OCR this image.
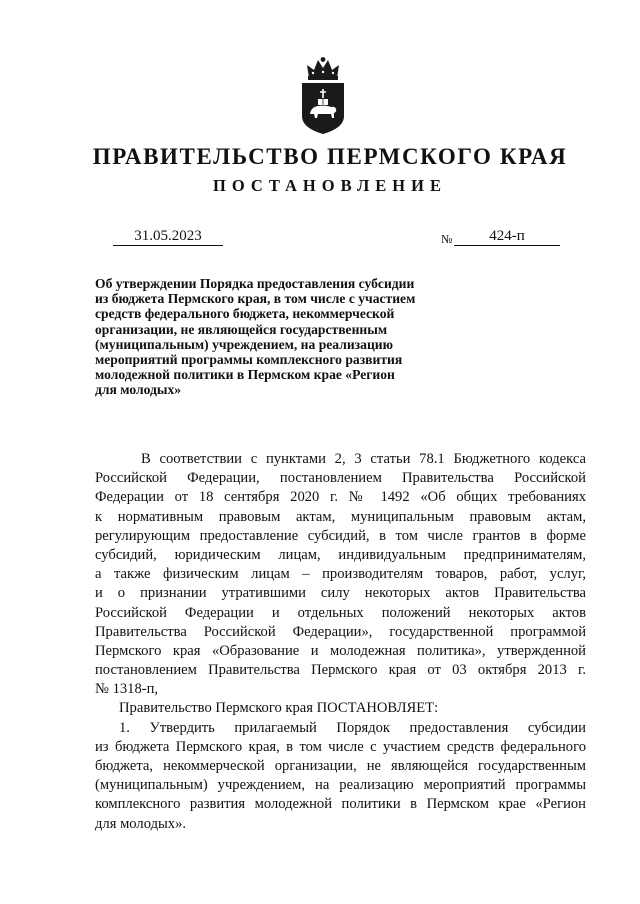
ПРАВИТЕЛЬСТВО ПЕРМСКОГО КРАЯ
ПОСТАНОВЛЕНИЕ
31.05.2023	№	424-п
Об утверждении Порядка предоставления субсидии
из бюджета Пермского края, в том числе с участием
средств федерального бюджета, некоммерческой
организации, не являющейся государственным
(муниципальным) учреждением, на реализацию
мероприятий программы комплексного развития
молодежной политики в Пермском крае «Регион
для молодых»
В соответствии с пунктами 2, 3 статьи 78.1 Бюджетного кодекса
Российской Федерации, постановлением Правительства Российской
Федерации от 18 сентября 2020 г. № 1492 «Об общих требованиях
к нормативным правовым актам, муниципальным правовым актам,
регулирующим предоставление субсидий, в том числе грантов в форме
субсидий, юридическим лицам, индивидуальным предпринимателям,
а также физическим лицам – производителям товаров, работ, услуг,
и о признании утратившими силу некоторых актов Правительства
Российской Федерации и отдельных положений некоторых актов
Правительства Российской Федерации», государственной программой
Пермского края «Образование и молодежная политика», утвержденной
постановлением Правительства Пермского края от 03 октября 2013 г.
№ 1318-п,
Правительство Пермского края ПОСТАНОВЛЯЕТ:
1. Утвердить прилагаемый Порядок предоставления субсидии
из бюджета Пермского края, в том числе с участием средств федерального
бюджета, некоммерческой организации, не являющейся государственным
(муниципальным) учреждением, на реализацию мероприятий программы
комплексного развития молодежной политики в Пермском крае «Регион
для молодых».
